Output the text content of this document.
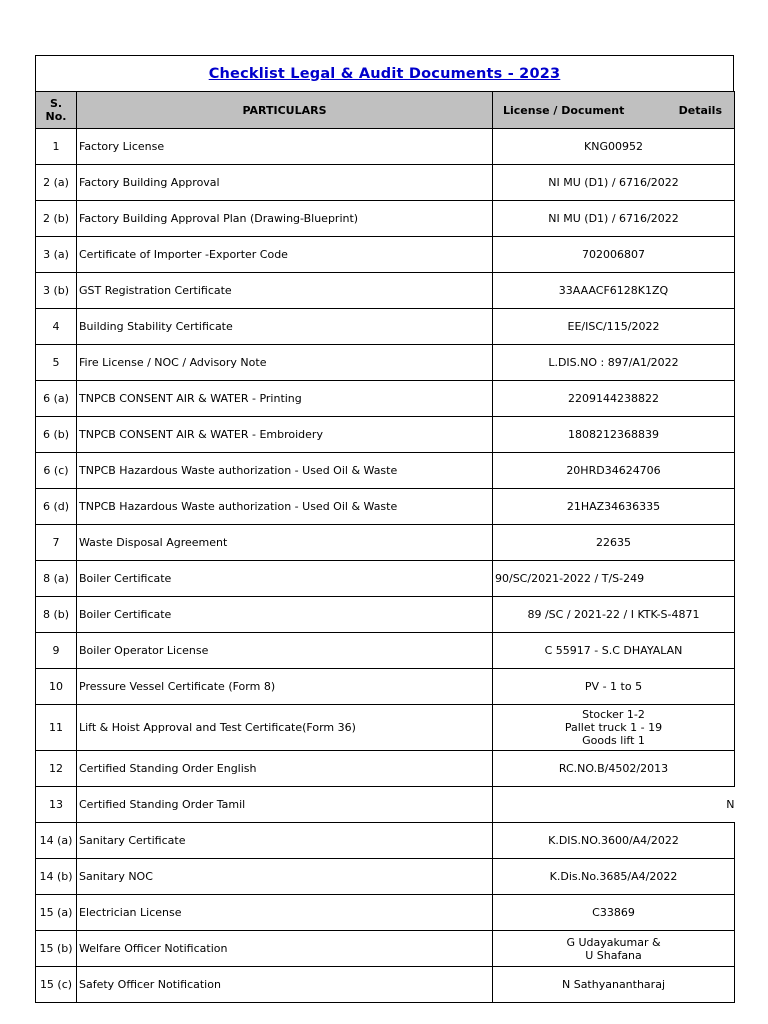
Checklist Legal & Audit Documents - 2023
S. No.	PARTICULARS	License / Document Details

1	Factory License	KNG00952
2 (a)	Factory Building Approval	NI MU (D1) / 6716/2022
2 (b)	Factory Building Approval Plan (Drawing-Blueprint)	NI MU (D1) / 6716/2022
3 (a)	Certificate of Importer -Exporter Code	702006807
3 (b)	GST Registration Certificate	33AAACF6128K1ZQ
4	Building Stability Certificate	EE/ISC/115/2022
5	Fire License / NOC / Advisory Note	L.DIS.NO : 897/A1/2022
6 (a)	TNPCB CONSENT AIR & WATER - Printing	2209144238822
6 (b)	TNPCB CONSENT AIR & WATER - Embroidery	1808212368839
6 (c)	TNPCB Hazardous Waste authorization - Used Oil & Waste	20HRD34624706
6 (d)	TNPCB Hazardous Waste authorization - Used Oil & Waste	21HAZ34636335
7	Waste Disposal Agreement	22635
8 (a)	Boiler Certificate	90/SC/2021-2022 / T/S-249
8 (b)	Boiler Certificate	89 /SC / 2021-22 / I KTK-S-4871
9	Boiler Operator License	C 55917 - S.C DHAYALAN
10	Pressure Vessel Certificate (Form 8)	PV - 1 to 5
11	Lift & Hoist Approval and Test Certificate(Form 36)	Stocker 1-2
Pallet truck 1 - 19
Goods lift 1
12	Certified Standing Order English	RC.NO.B/4502/2013
13	Certified Standing Order Tamil	N
14 (a)	Sanitary Certificate	K.DIS.NO.3600/A4/2022
14 (b)	Sanitary NOC	K.Dis.No.3685/A4/2022
15 (a)	Electrician License	C33869
15 (b)	Welfare Officer Notification	G Udayakumar &
U Shafana
15 (c)	Safety Officer Notification	N Sathyanantharaj
